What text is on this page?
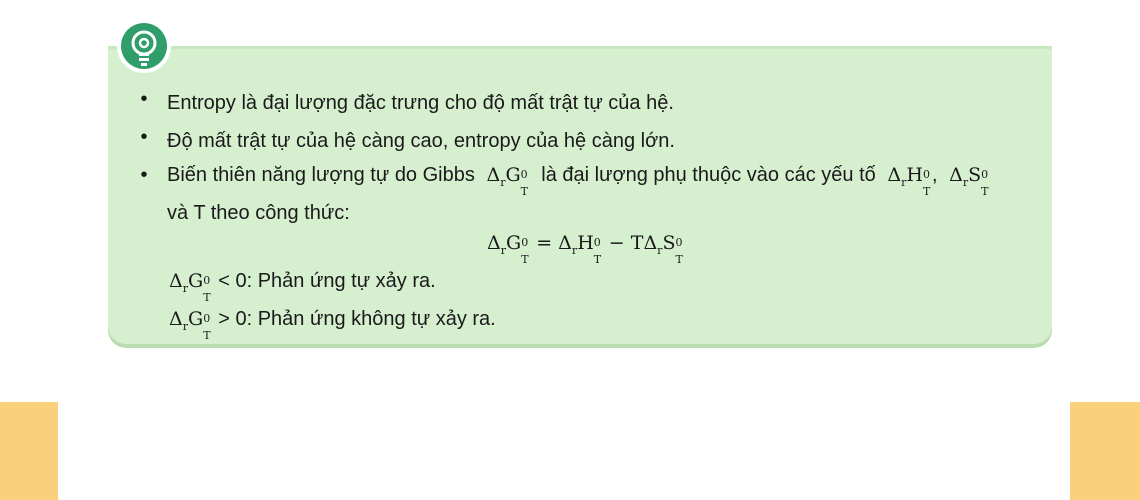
• Entropy là đại lượng đặc trưng cho độ mất trật tự của hệ.
• Độ mất trật tự của hệ càng cao, entropy của hệ càng lớn.
• Biến thiên năng lượng tự do Gibbs  $\Delta_rG$ 0
T
là đại lượng phụ thuộc vào các yếu tố  $\Delta_rH$ 0
T
,  $\Delta_rS$ 0
T
và T theo công thức:
$\Delta_rG$ 0
T
= $\Delta_rH$ 0
T
− $T\Delta_rS$ 0
T
$\Delta_rG$ 0
T
< 0: Phản ứng tự xảy ra.
$\Delta_rG$ 0
T
> 0: Phản ứng không tự xảy ra.
